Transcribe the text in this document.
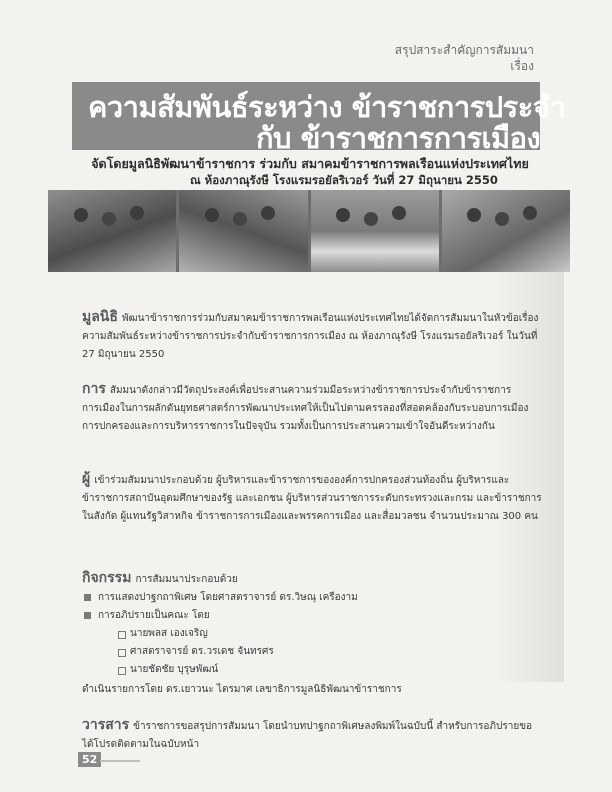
สรุปสาระสำคัญการสัมมนา
เรื่อง
ความสัมพันธ์ระหว่าง ข้าราชการประจำ
กับ ข้าราชการการเมือง
จัดโดยมูลนิธิพัฒนาข้าราชการ ร่วมกับ สมาคมข้าราชการพลเรือนแห่งประเทศไทย
ณ ห้องภาณุรังษี โรงแรมรอยัลริเวอร์ วันที่ 27 มิถุนายน 2550
มูลนิธิ พัฒนาข้าราชการร่วมกับสมาคมข้าราชการพลเรือนแห่งประเทศไทยได้จัดการสัมมนาในหัวข้อเรื่อง ความสัมพันธ์ระหว่างข้าราชการประจำกับข้าราชการการเมือง ณ ห้องภาณุรังษี โรงแรมรอยัลริเวอร์ ในวันที่ 27 มิถุนายน 2550
การ สัมมนาดังกล่าวมีวัตถุประสงค์เพื่อประสานความร่วมมือระหว่างข้าราชการประจำกับข้าราชการการเมืองในการผลักดันยุทธศาสตร์การพัฒนาประเทศให้เป็นไปตามครรลองที่สอดคล้องกับระบอบการเมืองการปกครองและการบริหารราชการในปัจจุบัน รวมทั้งเป็นการประสานความเข้าใจอันดีระหว่างกัน
ผู้ เข้าร่วมสัมมนาประกอบด้วย ผู้บริหารและข้าราชการขององค์การปกครองส่วนท้องถิ่น ผู้บริหารและข้าราชการสถาบันอุดมศึกษาของรัฐ และเอกชน ผู้บริหารส่วนราชการระดับกระทรวงและกรม และข้าราชการในสังกัด ผู้แทนรัฐวิสาหกิจ ข้าราชการการเมืองและพรรคการเมือง และสื่อมวลชน จำนวนประมาณ 300 คน
กิจกรรม การสัมมนาประกอบด้วย
การแสดงปาฐกถาพิเศษ โดยศาสตราจารย์ ดร.วิษณุ เครืองาม
การอภิปรายเป็นคณะ โดย
นายพลส เองเจริญ
ศาสตราจารย์ ดร.วรเดช จันทรศร
นายชัดชัย บุรุษพัฒน์
ดำเนินรายการโดย ดร.เยาวนะ ไตรมาศ เลขาธิการมูลนิธิพัฒนาข้าราชการ
วารสาร ข้าราชการขอสรุปการสัมมนา โดยนำบทปาฐกถาพิเศษลงพิมพ์ในฉบับนี้ สำหรับการอภิปรายขอได้โปรดติดตามในฉบับหน้า
52
